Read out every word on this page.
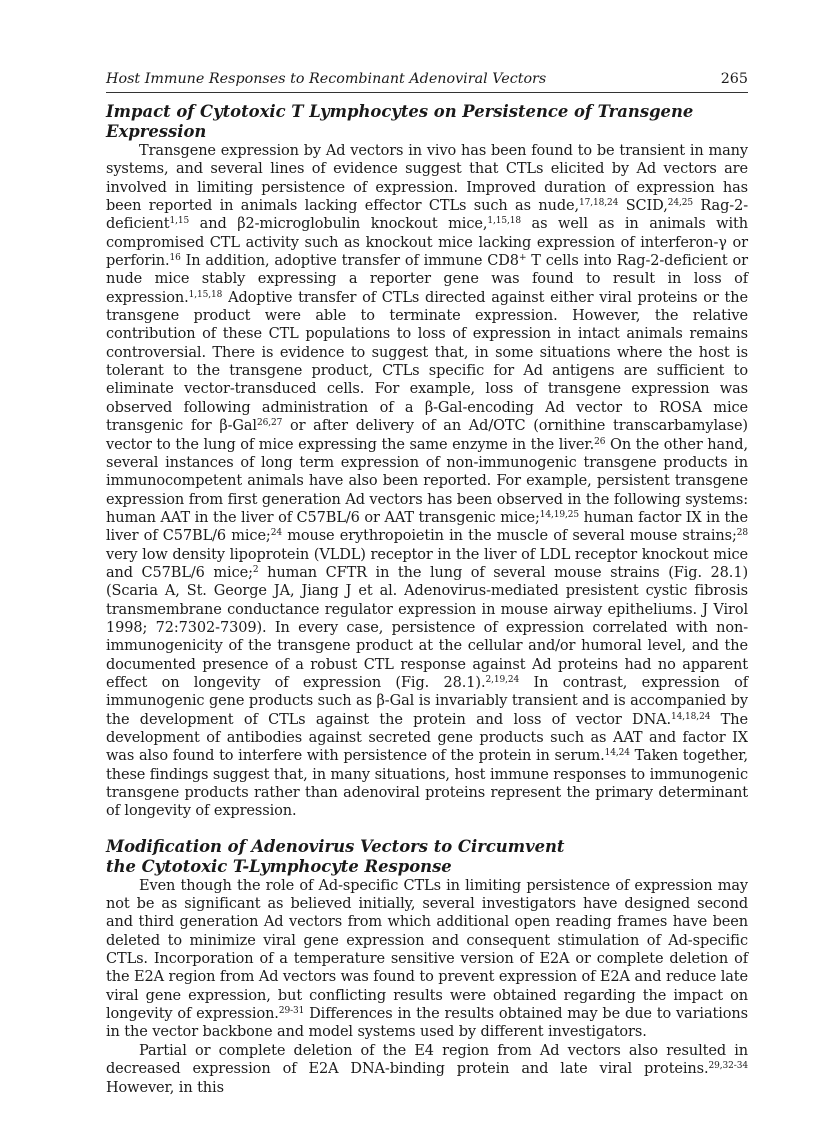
Host Immune Responses to Recombinant Adenoviral Vectors	265
Impact of Cytotoxic T Lymphocytes on Persistence of Transgene Expression

Transgene expression by Ad vectors in vivo has been found to be transient in many systems, and several lines of evidence suggest that CTLs elicited by Ad vectors are involved in limiting persistence of expression. Improved duration of expression has been reported in animals lacking effector CTLs such as nude,$^{17,18,24}$ SCID,$^{24,25}$ Rag-2-deficient$^{1,15}$ and β2-microglobulin knockout mice,$^{1,15,18}$ as well as in animals with compromised CTL activity such as knockout mice lacking expression of interferon-γ or perforin.$^{16}$ In addition, adoptive transfer of immune CD8+ T cells into Rag-2-deficient or nude mice stably expressing a reporter gene was found to result in loss of expression.$^{1,15,18}$ Adoptive transfer of CTLs directed against either viral proteins or the transgene product were able to terminate expression. However, the relative contribution of these CTL populations to loss of expression in intact animals remains controversial. There is evidence to suggest that, in some situations where the host is tolerant to the transgene product, CTLs specific for Ad antigens are sufficient to eliminate vector-transduced cells. For example, loss of transgene expression was observed following administration of a β-Gal-encoding Ad vector to ROSA mice transgenic for β-Gal$^{26,27}$ or after delivery of an Ad/OTC (ornithine transcarbamylase) vector to the lung of mice expressing the same enzyme in the liver.$^{26}$ On the other hand, several instances of long term expression of non-immunogenic transgene products in immunocompetent animals have also been reported. For example, persistent transgene expression from first generation Ad vectors has been observed in the following systems: human AAT in the liver of C57BL/6 or AAT transgenic mice;$^{14,19,25}$ human factor IX in the liver of C57BL/6 mice;$^{24}$ mouse erythropoietin in the muscle of several mouse strains;$^{28}$ very low density lipoprotein (VLDL) receptor in the liver of LDL receptor knockout mice and C57BL/6 mice;$^2$ human CFTR in the lung of several mouse strains (Fig. 28.1) (Scaria A, St. George JA, Jiang J et al. Adenovirus-mediated presistent cystic fibrosis transmembrane conductance regulator expression in mouse airway epitheliums. J Virol 1998; 72:7302-7309). In every case, persistence of expression correlated with non-immunogenicity of the transgene product at the cellular and/or humoral level, and the documented presence of a robust CTL response against Ad proteins had no apparent effect on longevity of expression (Fig. 28.1).$^{2,19,24}$ In contrast, expression of immunogenic gene products such as β-Gal is invariably transient and is accompanied by the development of CTLs against the protein and loss of vector DNA.$^{14,18,24}$ The development of antibodies against secreted gene products such as AAT and factor IX was also found to interfere with persistence of the protein in serum.$^{14,24}$ Taken together, these findings suggest that, in many situations, host immune responses to immunogenic transgene products rather than adenoviral proteins represent the primary determinant of longevity of expression.

Modification of Adenovirus Vectors to Circumvent
the Cytotoxic T-Lymphocyte Response

Even though the role of Ad-specific CTLs in limiting persistence of expression may not be as significant as believed initially, several investigators have designed second and third generation Ad vectors from which additional open reading frames have been deleted to minimize viral gene expression and consequent stimulation of Ad-specific CTLs. Incorporation of a temperature sensitive version of E2A or complete deletion of the E2A region from Ad vectors was found to prevent expression of E2A and reduce late viral gene expression, but conflicting results were obtained regarding the impact on longevity of expression.$^{29-31}$ Differences in the results obtained may be due to variations in the vector backbone and model systems used by different investigators.

Partial or complete deletion of the E4 region from Ad vectors also resulted in decreased expression of E2A DNA-binding protein and late viral proteins.$^{29,32-34}$ However, in this
